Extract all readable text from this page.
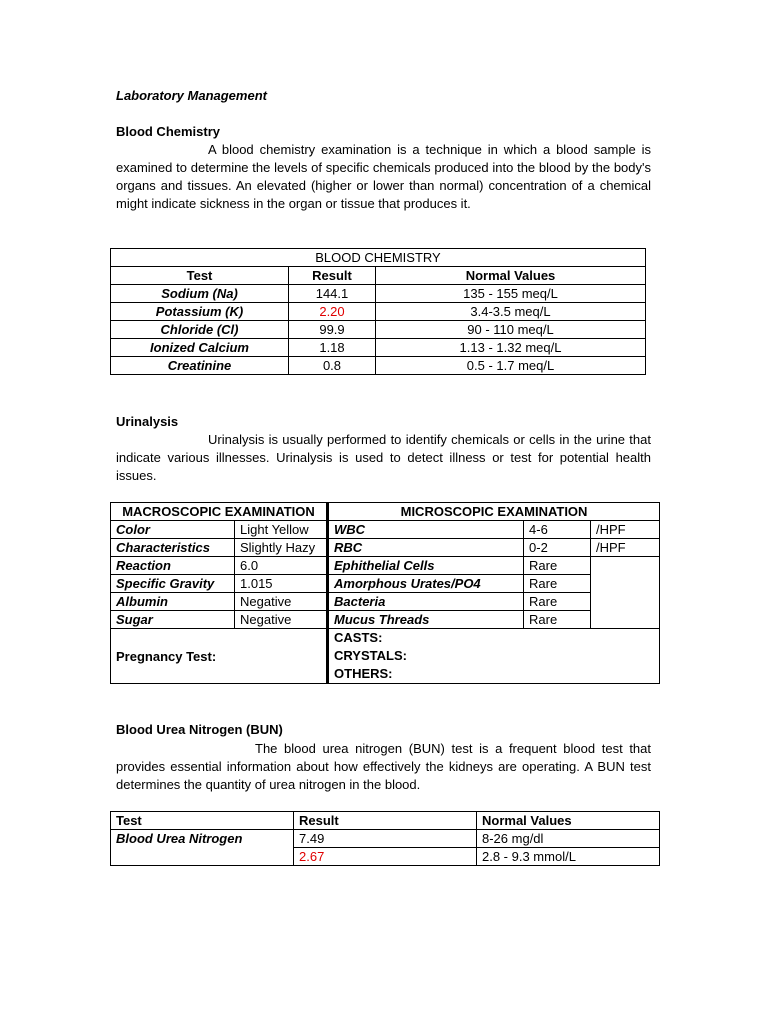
Laboratory Management
Blood Chemistry
A blood chemistry examination is a technique in which a blood sample is examined to determine the levels of specific chemicals produced into the blood by the body's organs and tissues. An elevated (higher or lower than normal) concentration of a chemical might indicate sickness in the organ or tissue that produces it.
BLOOD CHEMISTRY		
Test	Result	Normal Values
Sodium (Na)	144.1	135 - 155 meq/L
Potassium (K)	2.20	3.4-3.5 meq/L
Chloride (Cl)	99.9	90 - 110 meq/L
Ionized Calcium	1.18	1.13 - 1.32 meq/L
Creatinine	0.8	0.5 - 1.7 meq/L
Urinalysis
Urinalysis is usually performed to identify chemicals or cells in the urine that indicate various illnesses. Urinalysis is used to detect illness or test for potential health issues.
MACROSCOPIC EXAMINATION		MICROSCOPIC EXAMINATION		
Color	Light Yellow	WBC	4-6	/HPF
Characteristics	Slightly Hazy	RBC	0-2	/HPF
Reaction	6.0	Ephithelial Cells	Rare	
Specific Gravity	1.015	Amorphous Urates/PO4	Rare	
Albumin	Negative	Bacteria	Rare	
Sugar	Negative	Mucus Threads	Rare	
Pregnancy Test:		CASTS:
CRYSTALS:
OTHERS:		
Blood Urea Nitrogen (BUN)
The blood urea nitrogen (BUN) test is a frequent blood test that provides essential information about how effectively the kidneys are operating. A BUN test determines the quantity of urea nitrogen in the blood.
Test	Result	Normal Values
Blood Urea Nitrogen	7.49	8-26 mg/dl
	2.67	2.8 - 9.3 mmol/L
